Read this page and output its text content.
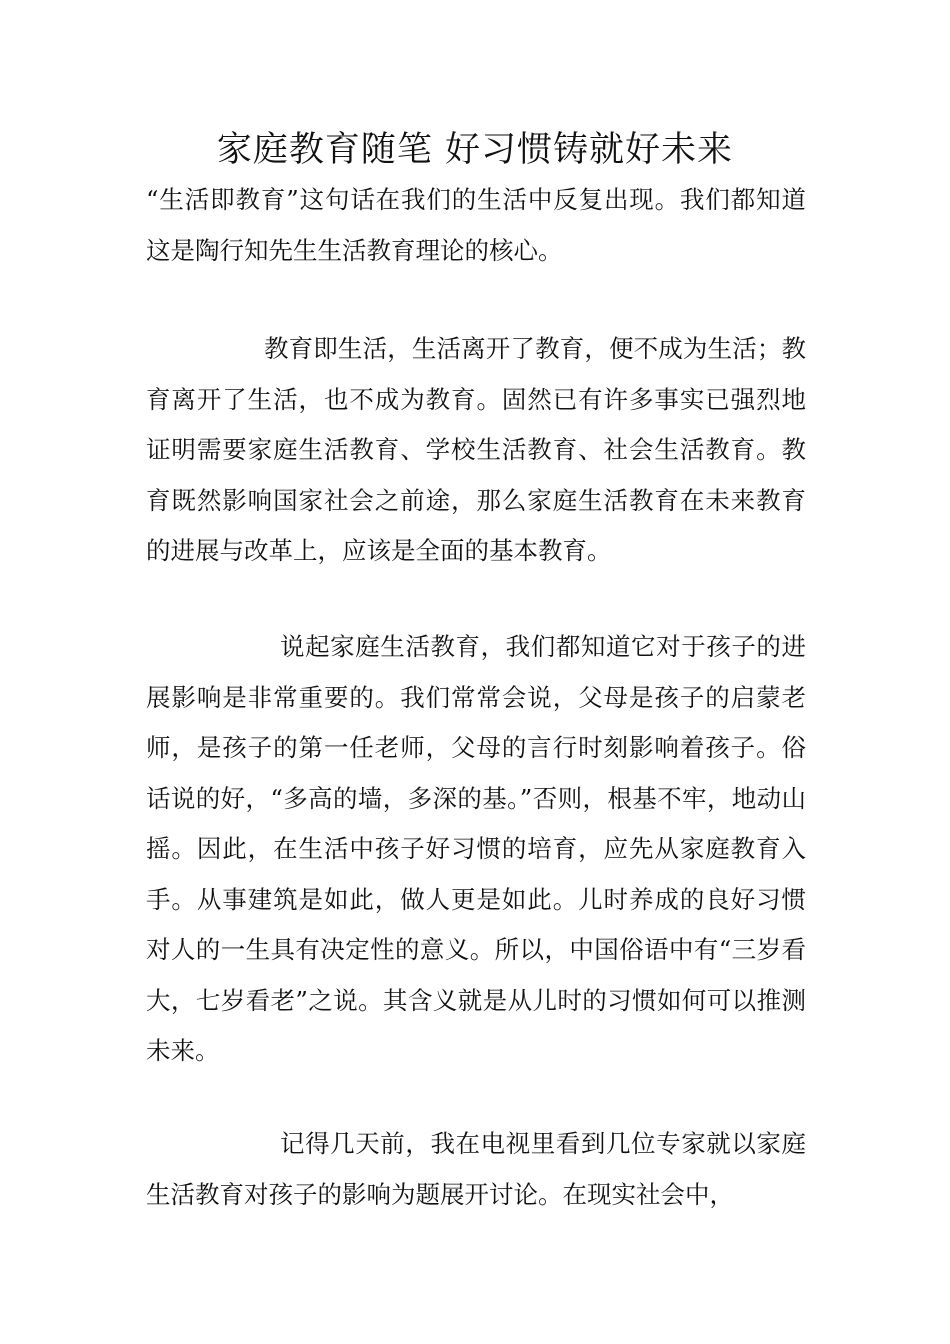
家庭教育随笔 好习惯铸就好未来

“生活即教育”这句话在我们的生活中反复出现。我们都知道这是陶行知先生生活教育理论的核心。

教育即生活，生活离开了教育，便不成为生活；教育离开了生活，也不成为教育。固然已有许多事实已强烈地证明需要家庭生活教育、学校生活教育、社会生活教育。教育既然影响国家社会之前途，那么家庭生活教育在未来教育的进展与改革上，应该是全面的基本教育。

说起家庭生活教育，我们都知道它对于孩子的进展影响是非常重要的。我们常常会说，父母是孩子的启蒙老师，是孩子的第一任老师，父母的言行时刻影响着孩子。俗话说的好，“多高的墙，多深的基。”否则，根基不牢，地动山摇。因此，在生活中孩子好习惯的培育，应先从家庭教育入手。从事建筑是如此，做人更是如此。儿时养成的良好习惯对人的一生具有决定性的意义。所以，中国俗语中有“三岁看大，七岁看老”之说。其含义就是从儿时的习惯如何可以推测未来。

记得几天前，我在电视里看到几位专家就以家庭生活教育对孩子的影响为题展开讨论。在现实社会中，
